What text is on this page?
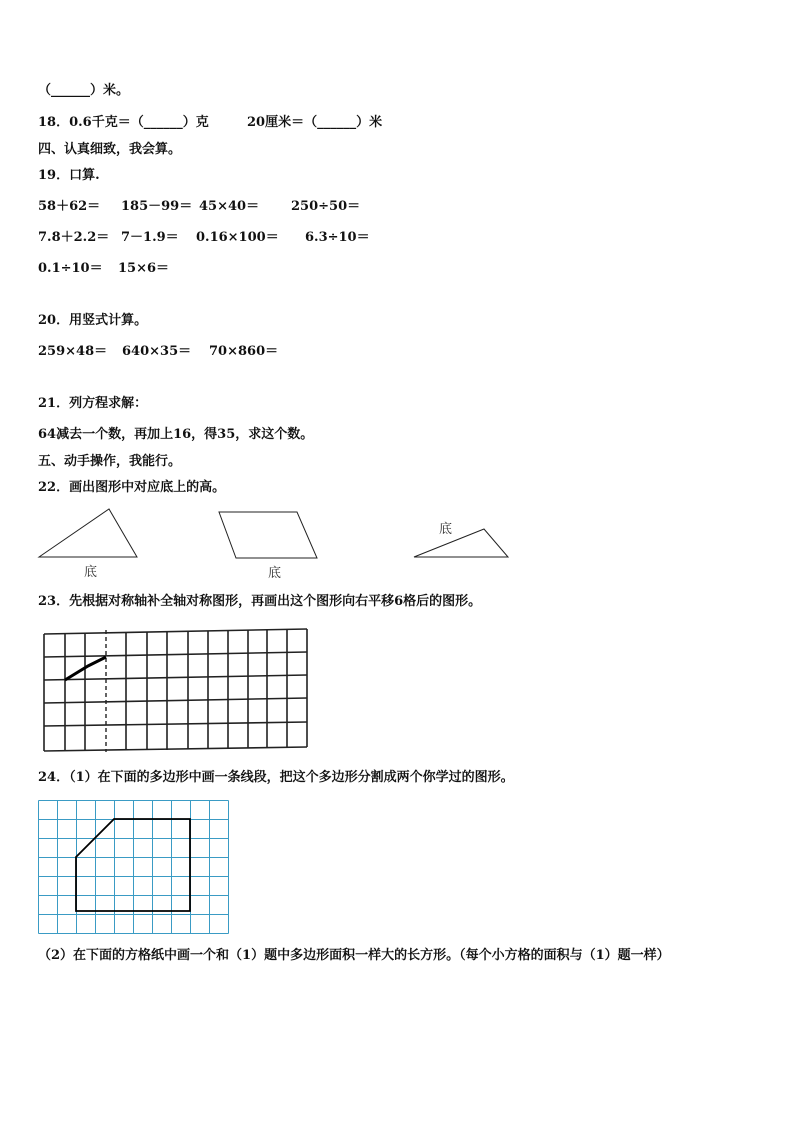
（______）米。
18．0.6千克＝（______）克	20厘米＝（______）米
四、认真细致，我会算。
19．口算.
58＋62＝ 185－99＝ 45×40＝ 250÷50＝
7.8＋2.2＝ 7－1.9＝ 0.16×100＝ 6.3÷10＝
0.1÷10＝ 15×6＝
20．用竖式计算。
259×48＝ 640×35＝ 70×860＝
21．列方程求解：
64减去一个数，再加上16，得35，求这个数。
五、动手操作，我能行。
22．画出图形中对应底上的高。
底	底
底
23．先根据对称轴补全轴对称图形，再画出这个图形向右平移6格后的图形。
24．（1）在下面的多边形中画一条线段，把这个多边形分割成两个你学过的图形。
（2）在下面的方格纸中画一个和（1）题中多边形面积一样大的长方形。（每个小方格的面积与（1）题一样）
